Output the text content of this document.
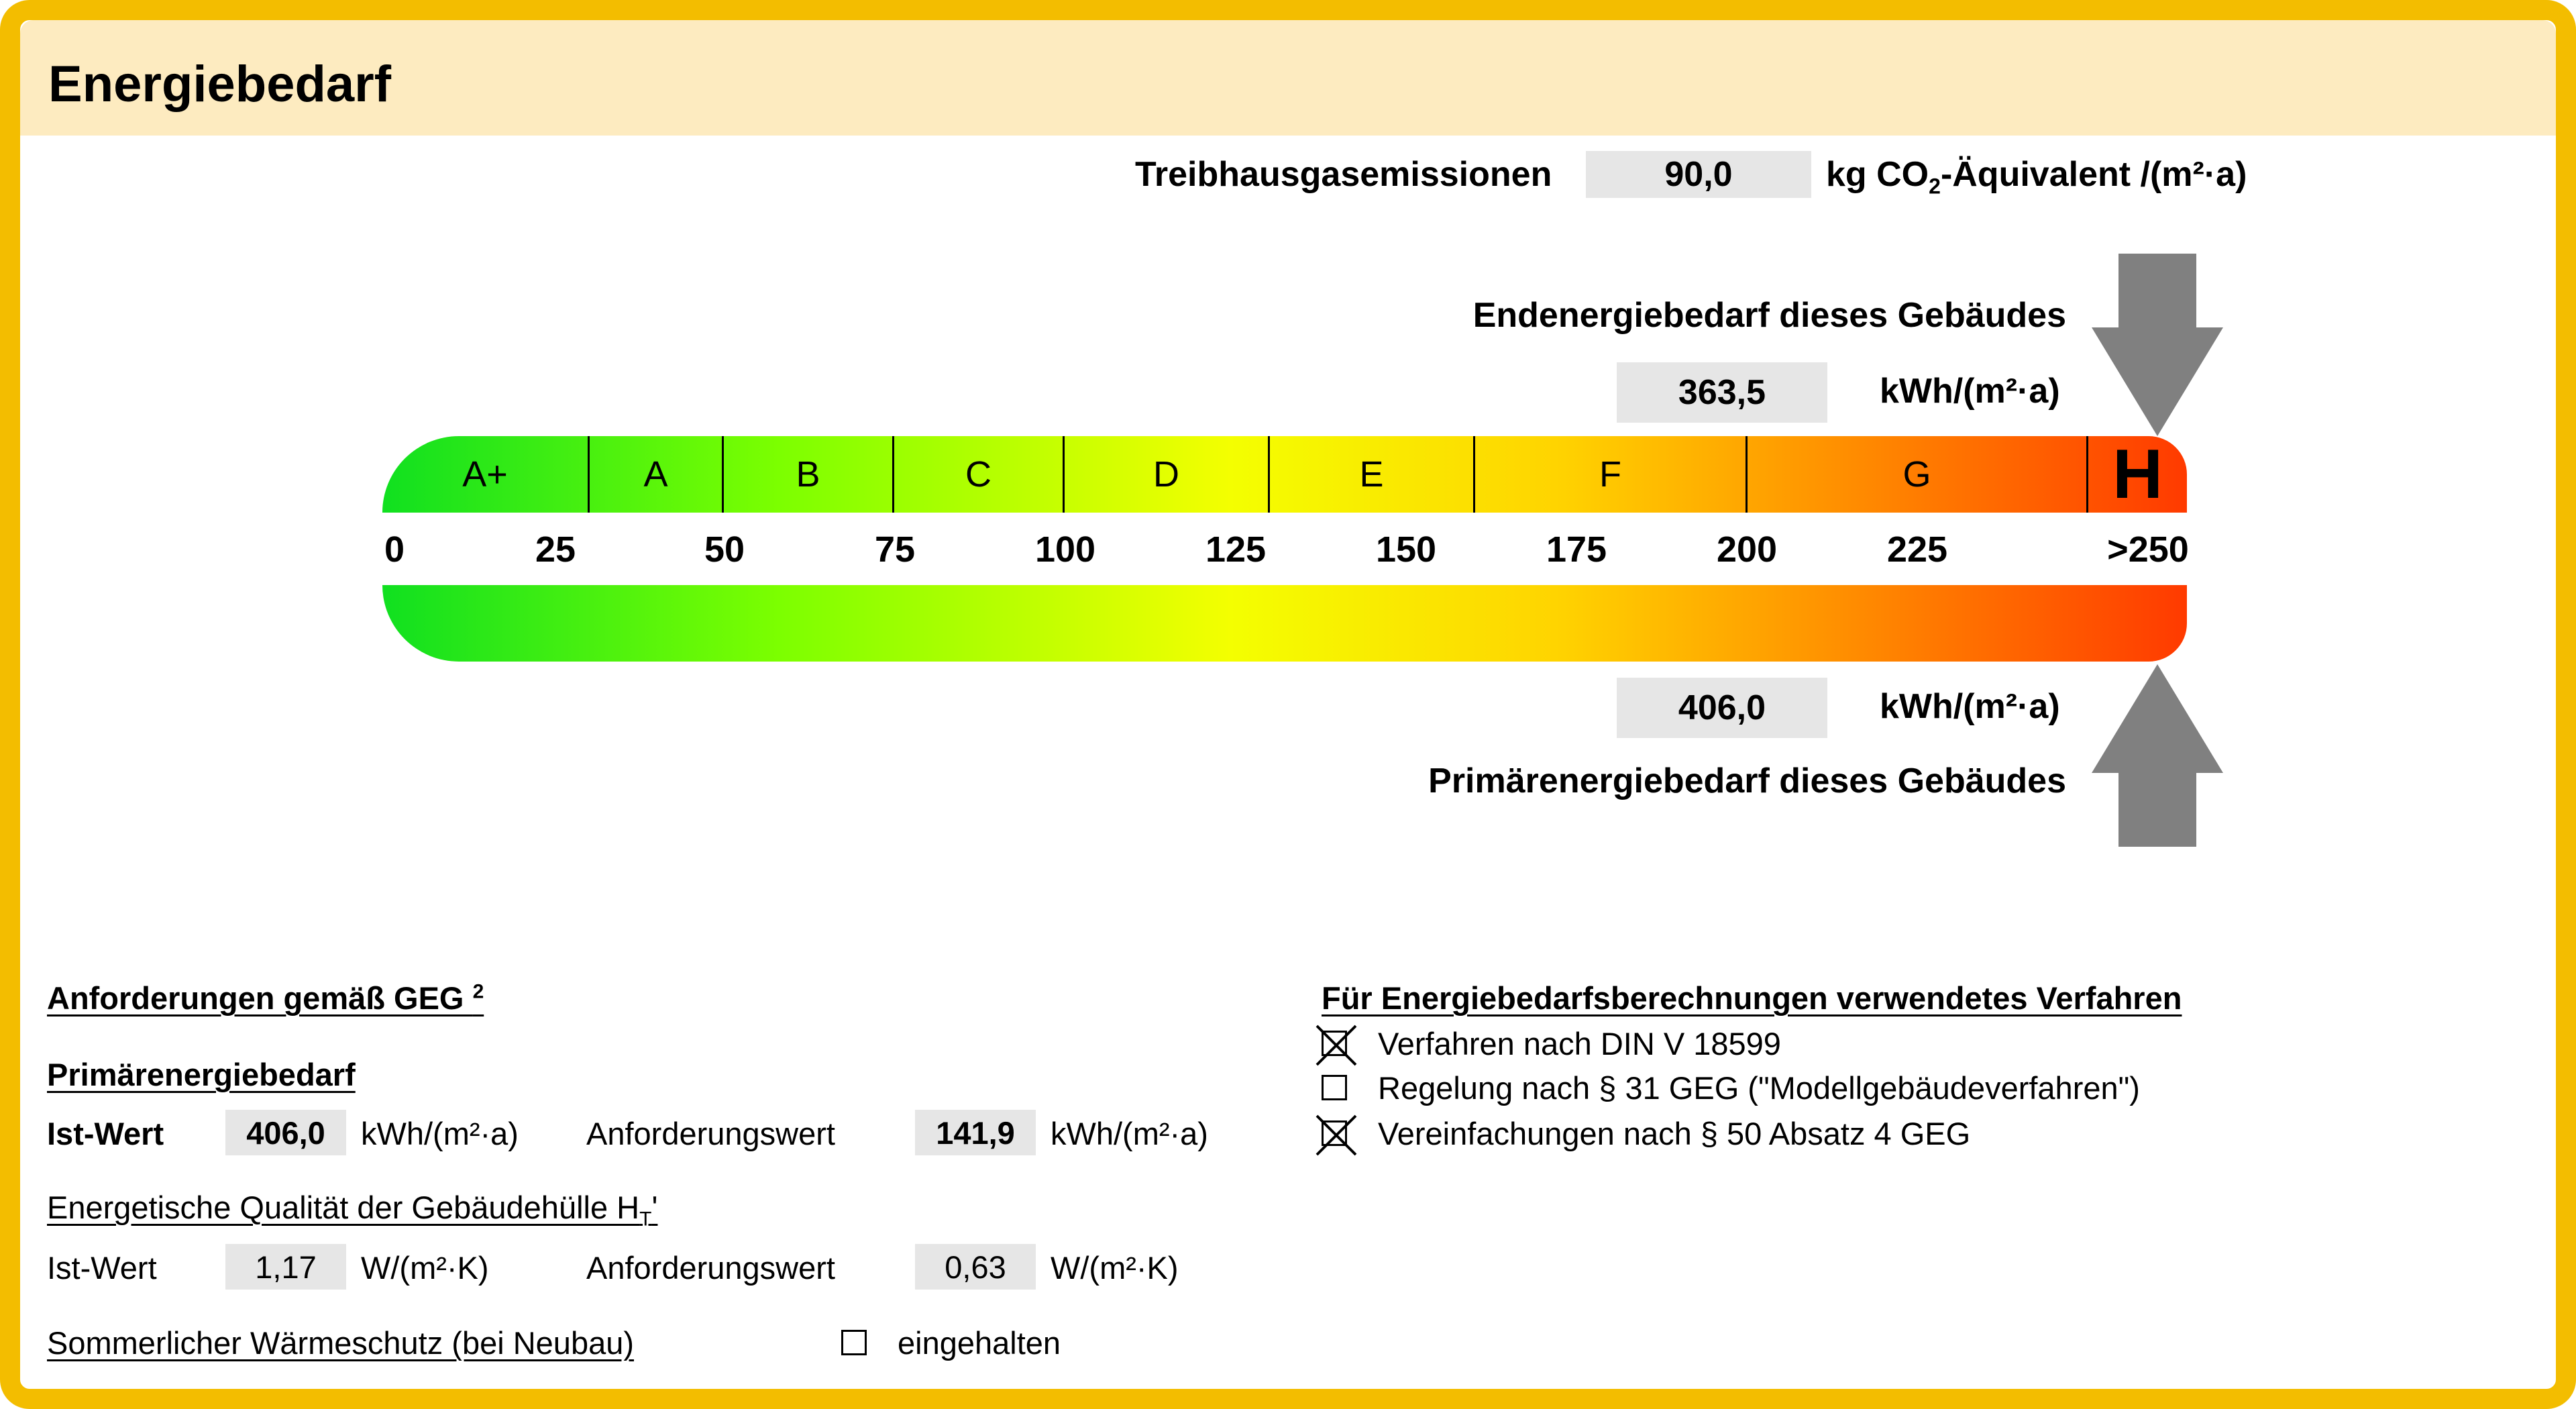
Energiebedarf
Treibhausgasemissionen	90,0	kg $CO_2$-Äquivalent /(m²·a)
Endenergiebedarf dieses Gebäudes
363,5	kWh/(m²·a)
A+	A	B	C	D	E	F	G	H
0	25	50	75	100	125	150	175	200	225	>250
406,0	kWh/(m²·a)
Primärenergiebedarf dieses Gebäudes
Anforderungen gemäß GEG $^2$
Primärenergiebedarf
Ist-Wert	406,0	kWh/(m²·a) Anforderungswert	141,9	kWh/(m²·a)
Energetische Qualität der Gebäudehülle $H_T'$
Ist-Wert	1,17	W/(m²·K)	Anforderungswert	0,63	W/(m²·K)
Sommerlicher Wärmeschutz (bei Neubau)	eingehalten
Für Energiebedarfsberechnungen verwendetes Verfahren
Verfahren nach DIN V 18599
Regelung nach § 31 GEG ("Modellgebäudeverfahren")
Vereinfachungen nach § 50 Absatz 4 GEG
